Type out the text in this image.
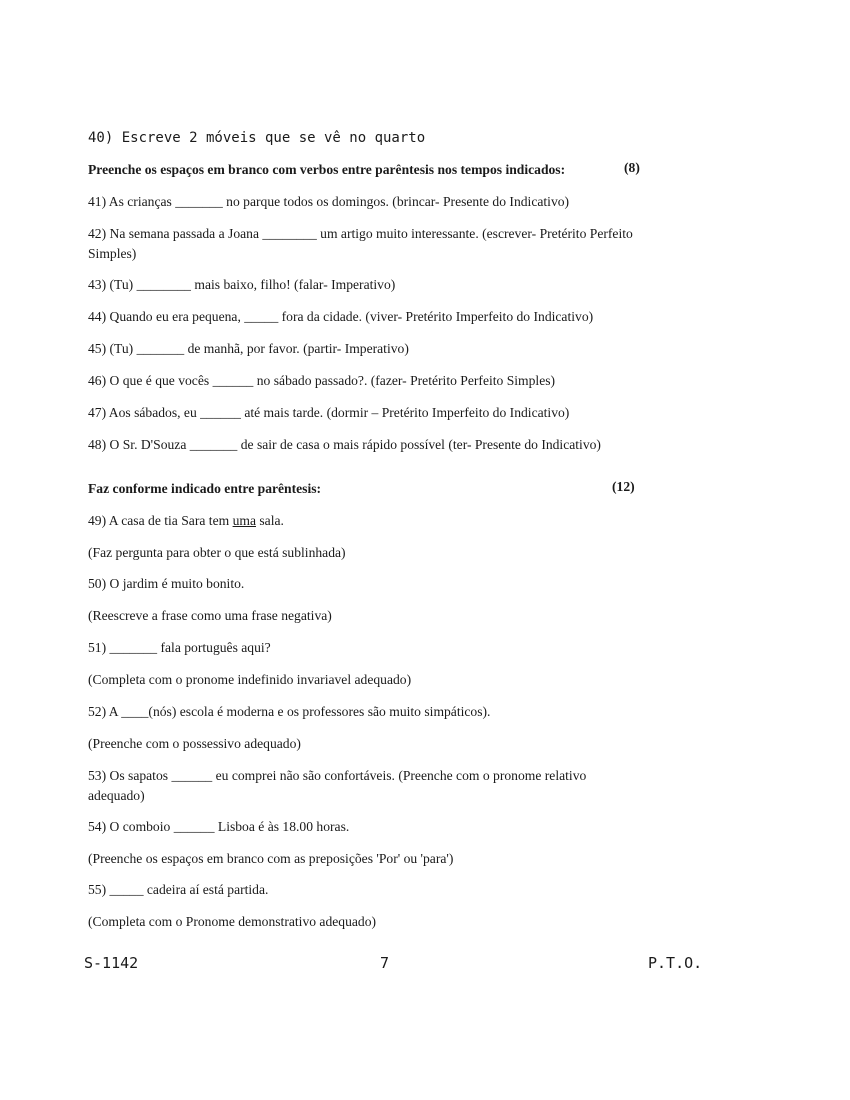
40) Escreve 2 móveis que se vê no quarto
Preenche os espaços em branco com verbos entre parêntesis nos tempos indicados:	(8)
41) As crianças _______ no parque todos os domingos. (brincar- Presente do Indicativo)
42) Na semana passada a Joana ________ um artigo muito interessante. (escrever- Pretérito Perfeito Simples)
43) (Tu) ________ mais baixo, filho! (falar- Imperativo)
44) Quando eu era pequena, _____ fora da cidade. (viver- Pretérito Imperfeito do Indicativo)
45) (Tu) _______ de manhã, por favor. (partir- Imperativo)
46) O que é que vocês ______ no sábado passado?. (fazer- Pretérito Perfeito Simples)
47) Aos sábados, eu ______ até mais tarde. (dormir – Pretérito Imperfeito do Indicativo)
48) O Sr. D'Souza _______ de sair de casa o mais rápido possível (ter- Presente do Indicativo)
Faz conforme indicado entre parêntesis:	(12)
49) A casa de tia Sara tem uma sala.
(Faz pergunta para obter o que está sublinhada)
50) O jardim é muito bonito.
(Reescreve a frase como uma frase negativa)
51) _______ fala português aqui?
(Completa com o pronome indefinido invariavel adequado)
52) A ____(nós) escola é moderna e os professores são muito simpáticos).
(Preenche com o possessivo adequado)
53) Os sapatos ______ eu comprei não são confortáveis. (Preenche com o pronome relativo adequado)
54) O comboio ______ Lisboa é às 18.00 horas.
(Preenche os espaços em branco com as preposições 'Por' ou 'para')
55) _____ cadeira aí está partida.
(Completa com o Pronome demonstrativo adequado)
S-1142	7	P.T.O.
